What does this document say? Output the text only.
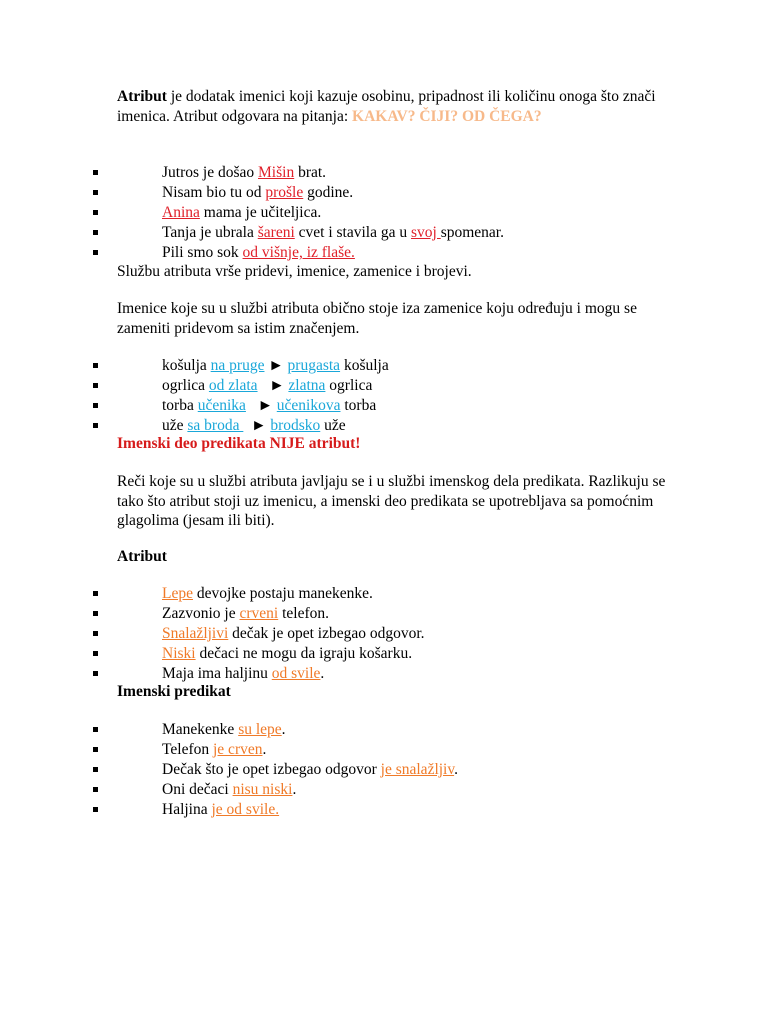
Atribut je dodatak imenici koji kazuje osobinu, pripadnost ili količinu onoga što znači imenica. Atribut odgovara na pitanja: KAKAV? ČIJI? OD ČEGA?

Jutros je došao Mišin brat.
Nisam bio tu od prošle godine.
Anina mama je učiteljica.
Tanja je ubrala šareni cvet i stavila ga u svoj spomenar.
Pili smo sok od višnje, iz flaše.

Službu atributa vrše pridevi, imenice, zamenice i brojevi.

Imenice koje su u službi atributa obično stoje iza zamenice koju određuju i mogu se zameniti pridevom sa istim značenjem.

košulja na pruge ► prugasta košulja
ogrlica od zlata ► zlatna ogrlica
torba učenika ► učenikova torba
uže sa broda   ► brodsko uže

Imenski deo predikata NIJE atribut!

Reči koje su u službi atributa javljaju se i u službi imenskog dela predikata. Razlikuju se tako što atribut stoji uz imenicu, a imenski deo predikata se upotrebljava sa pomoćnim glagolima (jesam ili biti).

Atribut

Lepe devojke postaju manekenke.
Zazvonio je crveni telefon.
Snalažljivi dečak je opet izbegao odgovor.
Niski dečaci ne mogu da igraju košarku.
Maja ima haljinu od svile.

Imenski predikat

Manekenke su lepe.
Telefon je crven.
Dečak što je opet izbegao odgovor je snalažljiv.
Oni dečaci nisu niski.
Haljina je od svile.
